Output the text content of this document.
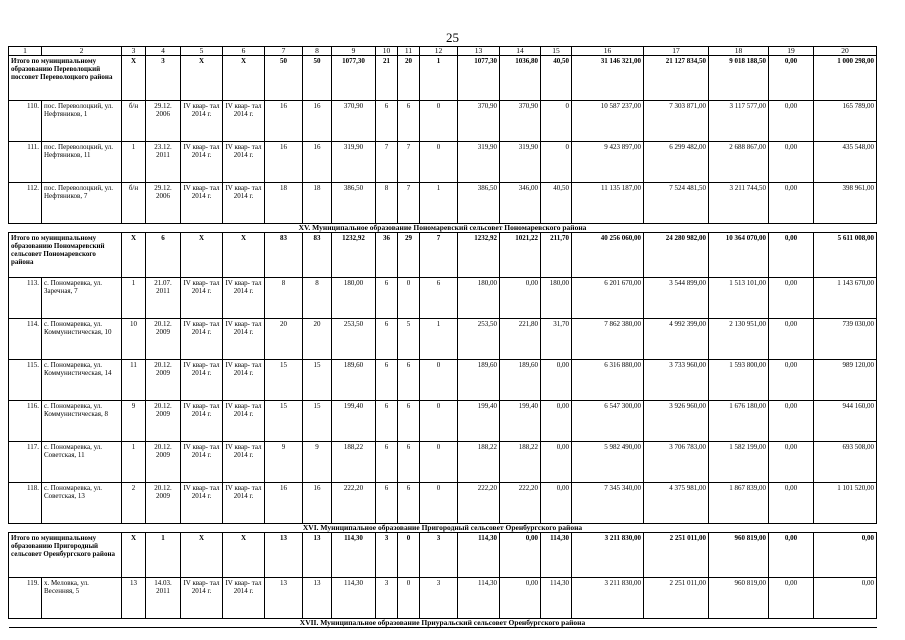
25
1	2	3	4	5	6	7	8	9	10	11	12	13	14	15	16	17	18	19	20
Итого по муниципальному образованию Переволоцкий поссовет Переволоцкого района		X	3	X	X	50	50	1077,30	21	20	1	1077,30	1036,80	40,50	31 146 321,00	21 127 834,50	9 018 188,50	0,00	1 000 298,00
110.	пос. Переволоцкий, ул. Нефтяников, 1	б/н	29.12. 2006	IV квар- тал 2014 г.	IV квар- тал 2014 г.	16	16	370,90	6	6	0	370,90	370,90	0	10 587 237,00	7 303 871,00	3 117 577,00	0,00	165 789,00
111.	пос. Переволоцкий, ул. Нефтяников, 11	1	23.12. 2011	IV квар- тал 2014 г.	IV квар- тал 2014 г.	16	16	319,90	7	7	0	319,90	319,90	0	9 423 897,00	6 299 482,00	2 688 867,00	0,00	435 548,00
112.	пос. Переволоцкий, ул. Нефтяников, 7	б/н	29.12. 2006	IV квар- тал 2014 г.	IV квар- тал 2014 г.	18	18	386,50	8	7	1	386,50	346,00	40,50	11 135 187,00	7 524 481,50	3 211 744,50	0,00	398 961,00
XV. Муниципальное образование Пономаревский сельсовет Пономаревского района																			
Итого по муниципальному образованию Пономаревский сельсовет Пономаревского района		X	6	X	X	83	83	1232,92	36	29	7	1232,92	1021,22	211,70	40 256 060,00	24 280 982,00	10 364 070,00	0,00	5 611 008,00
113.	с. Пономаревка, ул. Заречная, 7	1	21.07. 2011	IV квар- тал 2014 г.	IV квар- тал 2014 г.	8	8	180,00	6	0	6	180,00	0,00	180,00	6 201 670,00	3 544 899,00	1 513 101,00	0,00	1 143 670,00
114.	с. Пономаревка, ул. Коммунистическая, 10	10	20.12. 2009	IV квар- тал 2014 г.	IV квар- тал 2014 г.	20	20	253,50	6	5	1	253,50	221,80	31,70	7 862 380,00	4 992 399,00	2 130 951,00	0,00	739 030,00
115.	с. Пономаревка, ул. Коммунистическая, 14	11	20.12. 2009	IV квар- тал 2014 г.	IV квар- тал 2014 г.	15	15	189,60	6	6	0	189,60	189,60	0,00	6 316 880,00	3 733 960,00	1 593 800,00	0,00	989 120,00
116.	с. Пономаревка, ул. Коммунистическая, 8	9	20.12. 2009	IV квар- тал 2014 г.	IV квар- тал 2014 г.	15	15	199,40	6	6	0	199,40	199,40	0,00	6 547 300,00	3 926 960,00	1 676 180,00	0,00	944 160,00
117.	с. Пономаревка, ул. Советская, 11	1	20.12. 2009	IV квар- тал 2014 г.	IV квар- тал 2014 г.	9	9	188,22	6	6	0	188,22	188,22	0,00	5 982 490,00	3 706 783,00	1 582 199,00	0,00	693 508,00
118.	с. Пономаревка, ул. Советская, 13	2	20.12. 2009	IV квар- тал 2014 г.	IV квар- тал 2014 г.	16	16	222,20	6	6	0	222,20	222,20	0,00	7 345 340,00	4 375 981,00	1 867 839,00	0,00	1 101 520,00
XVI. Муниципальное образование Пригородный сельсовет Оренбургского района																			
Итого по муниципальному образованию Пригородный сельсовет Оренбургского района		X	1	X	X	13	13	114,30	3	0	3	114,30	0,00	114,30	3 211 830,00	2 251 011,00	960 819,00	0,00	0,00
119.	х. Меловка, ул. Весенняя, 5	13	14.03. 2011	IV квар- тал 2014 г.	IV квар- тал 2014 г.	13	13	114,30	3	0	3	114,30	0,00	114,30	3 211 830,00	2 251 011,00	960 819,00	0,00	0,00
XVII. Муниципальное образование Приуральский сельсовет Оренбургского района																			
